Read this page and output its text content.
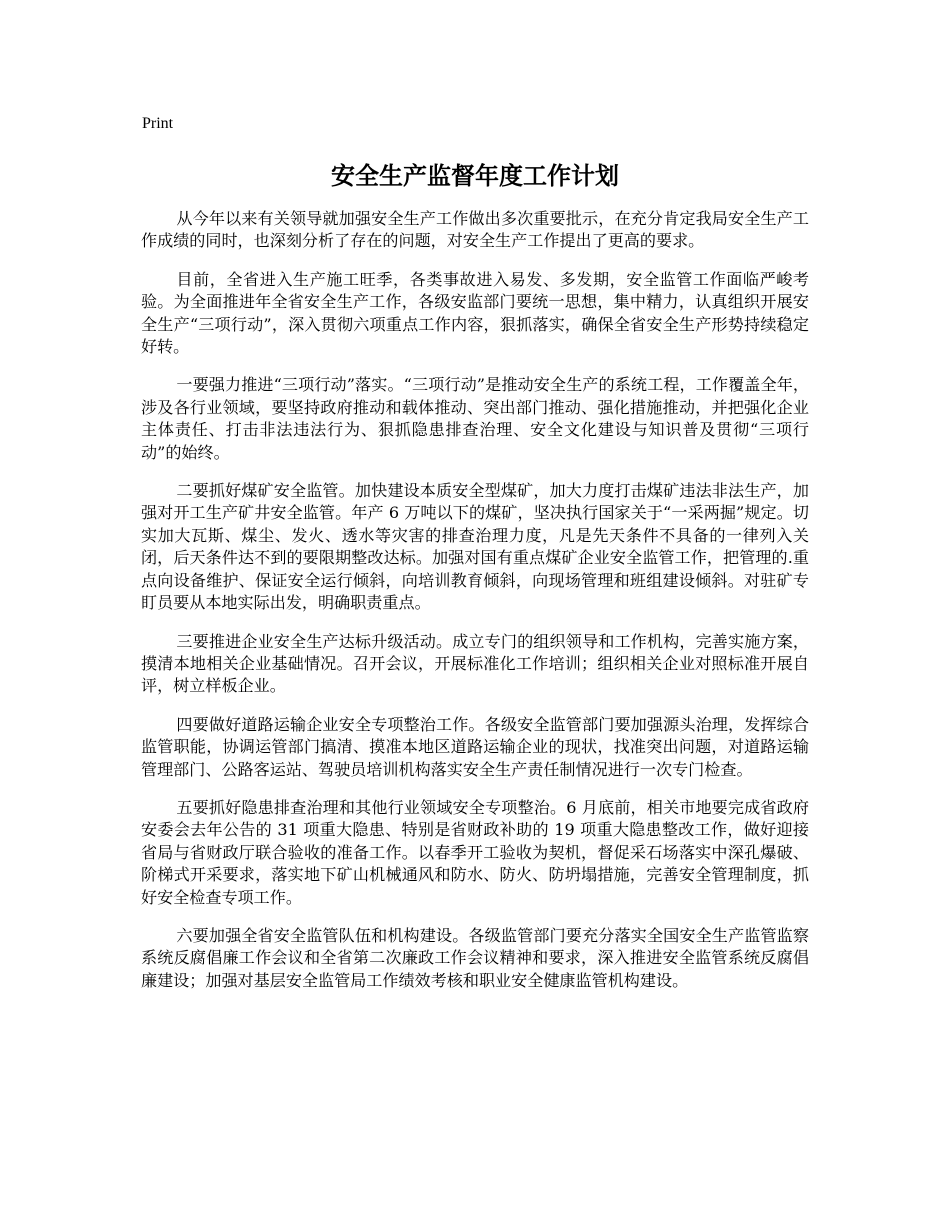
Print
安全生产监督年度工作计划

从今年以来有关领导就加强安全生产工作做出多次重要批示，在充分肯定我局安全生产工作成绩的同时，也深刻分析了存在的问题，对安全生产工作提出了更高的要求。

目前，全省进入生产施工旺季，各类事故进入易发、多发期，安全监管工作面临严峻考验。为全面推进年全省安全生产工作，各级安监部门要统一思想，集中精力，认真组织开展安全生产“三项行动”，深入贯彻六项重点工作内容，狠抓落实，确保全省安全生产形势持续稳定好转。

一要强力推进“三项行动”落实。“三项行动”是推动安全生产的系统工程，工作覆盖全年，涉及各行业领域，要坚持政府推动和载体推动、突出部门推动、强化措施推动，并把强化企业主体责任、打击非法违法行为、狠抓隐患排查治理、安全文化建设与知识普及贯彻“三项行动”的始终。

二要抓好煤矿安全监管。加快建设本质安全型煤矿，加大力度打击煤矿违法非法生产，加强对开工生产矿井安全监管。年产 6 万吨以下的煤矿，坚决执行国家关于“一采两掘”规定。切实加大瓦斯、煤尘、发火、透水等灾害的排查治理力度，凡是先天条件不具备的一律列入关闭，后天条件达不到的要限期整改达标。加强对国有重点煤矿企业安全监管工作，把管理的.重点向设备维护、保证安全运行倾斜，向培训教育倾斜，向现场管理和班组建设倾斜。对驻矿专盯员要从本地实际出发，明确职责重点。

三要推进企业安全生产达标升级活动。成立专门的组织领导和工作机构，完善实施方案，摸清本地相关企业基础情况。召开会议，开展标准化工作培训；组织相关企业对照标准开展自评，树立样板企业。

四要做好道路运输企业安全专项整治工作。各级安全监管部门要加强源头治理，发挥综合监管职能，协调运管部门搞清、摸准本地区道路运输企业的现状，找准突出问题，对道路运输管理部门、公路客运站、驾驶员培训机构落实安全生产责任制情况进行一次专门检查。

五要抓好隐患排查治理和其他行业领域安全专项整治。6 月底前，相关市地要完成省政府安委会去年公告的 31 项重大隐患、特别是省财政补助的 19 项重大隐患整改工作，做好迎接省局与省财政厅联合验收的准备工作。以春季开工验收为契机，督促采石场落实中深孔爆破、阶梯式开采要求，落实地下矿山机械通风和防水、防火、防坍塌措施，完善安全管理制度，抓好安全检查专项工作。

六要加强全省安全监管队伍和机构建设。各级监管部门要充分落实全国安全生产监管监察系统反腐倡廉工作会议和全省第二次廉政工作会议精神和要求，深入推进安全监管系统反腐倡廉建设；加强对基层安全监管局工作绩效考核和职业安全健康监管机构建设。
